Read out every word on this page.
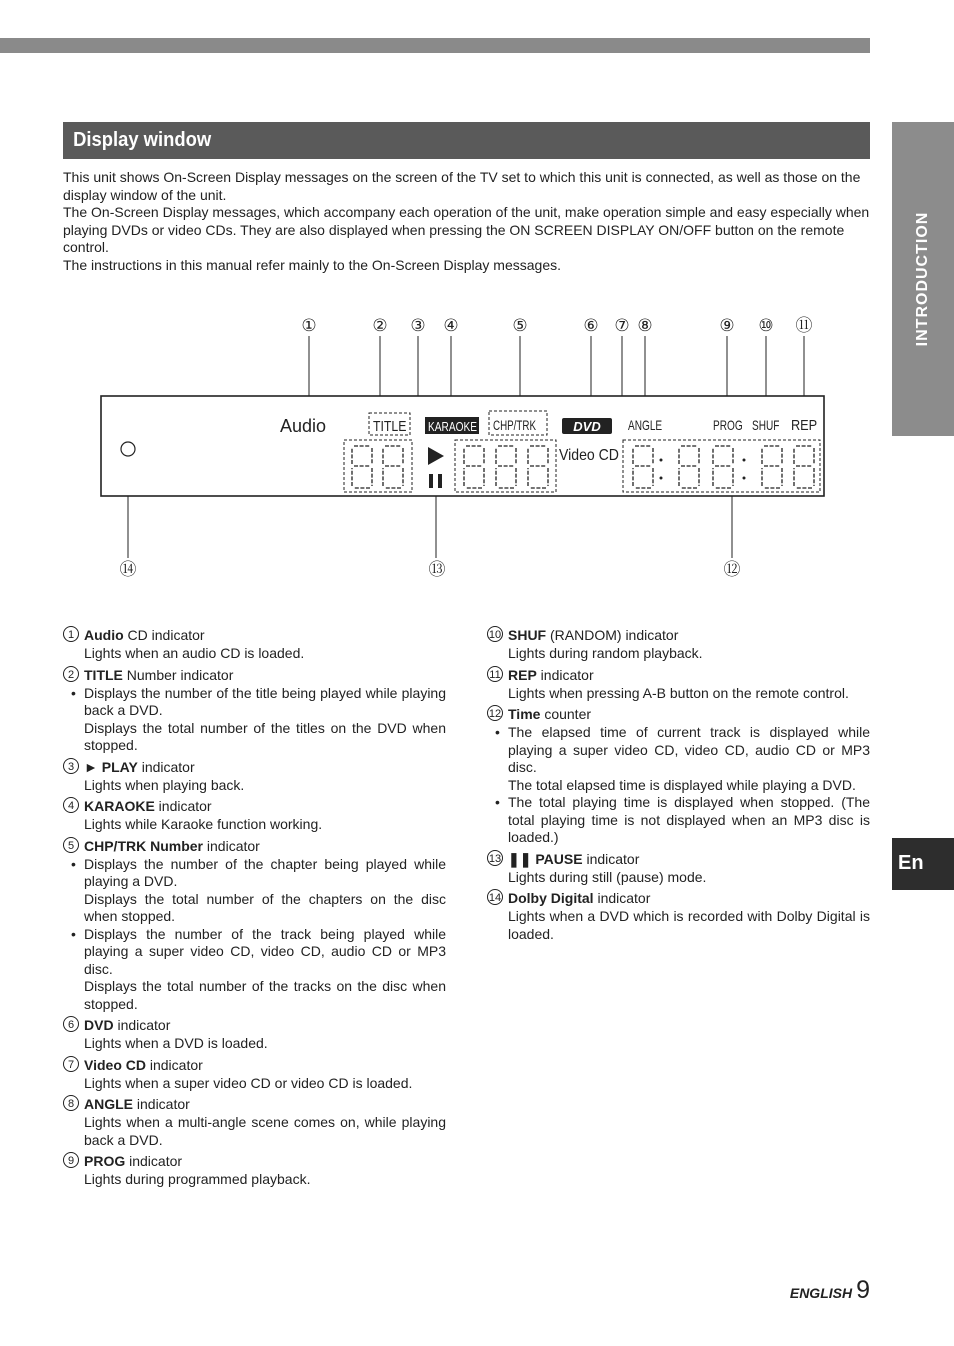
INTRODUCTION
En
Display window

This unit shows On-Screen Display messages on the screen of the TV set to which this unit is connected, as well as those on the display window of the unit.

The On-Screen Display messages, which accompany each operation of the unit, make operation simple and easy especially when playing DVDs or video CDs. They are also displayed when pressing the ON SCREEN DISPLAY ON/OFF button on the remote control.

The instructions in this manual refer mainly to the On-Screen Display messages.

①	② ③ ④	⑤	⑥ ⑦ ⑧	⑨ ⑩ ⑪
⑫
⑬
⑭
Audio	TITLE KARAOKE CHP/TRK	DVD ANGLE	PROG SHUF REP
Video CD
1 Audio CD indicator

Lights when an audio CD is loaded.

2 TITLE Number indicator
• Displays the number of the title being played while playing back a DVD.
Displays the total number of the titles on the DVD when stopped.
3 ► PLAY indicator

Lights when playing back.

4 KARAOKE indicator

Lights while Karaoke function working.

5 CHP/TRK Number indicator
• Displays the number of the chapter being played while playing a DVD.
Displays the total number of the chapters on the disc when stopped.
• Displays the number of the track being played while playing a super video CD, video CD, audio CD or MP3 disc.
Displays the total number of the tracks on the disc when stopped.
6 DVD indicator

Lights when a DVD is loaded.

7 Video CD indicator

Lights when a super video CD or video CD is loaded.

8 ANGLE indicator

Lights when a multi-angle scene comes on, while playing back a DVD.

9 PROG indicator

Lights during programmed playback.

10 SHUF (RANDOM) indicator

Lights during random playback.

11 REP indicator

Lights when pressing A-B button on the remote control.

12 Time counter
• The elapsed time of current track is displayed while playing a super video CD, video CD, audio CD or MP3 disc.
The total elapsed time is displayed while playing a DVD.
• The total playing time is displayed when stopped. (The total playing time is not displayed when an MP3 disc is loaded.)
13 ❚❚ PAUSE indicator

Lights during still (pause) mode.

14 Dolby Digital indicator

Lights when a DVD which is recorded with Dolby Digital is loaded.

ENGLISH 9
